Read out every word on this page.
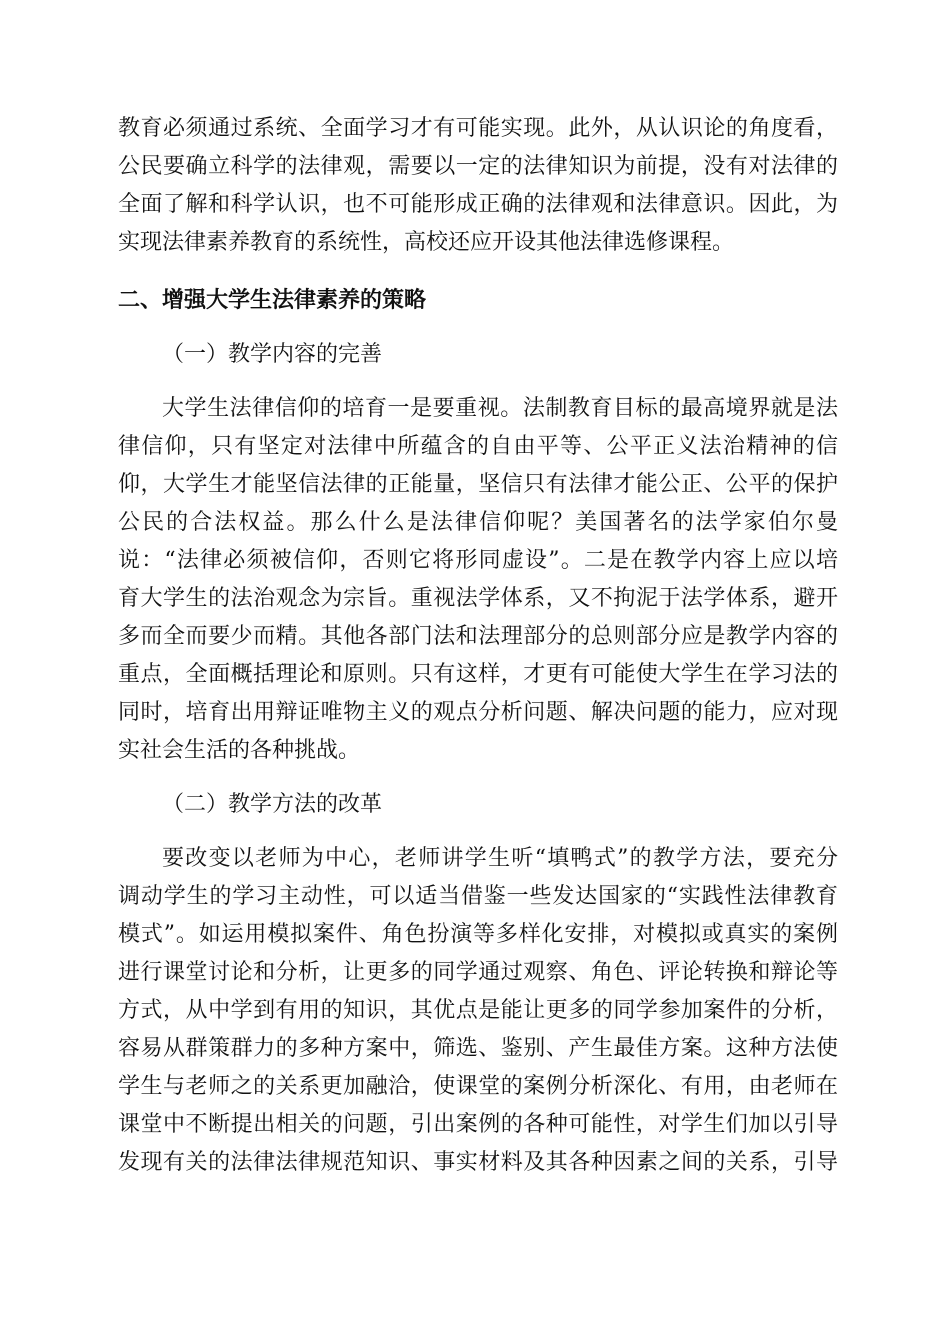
教育必须通过系统、全面学习才有可能实现。此外，从认识论的角度看，
公民要确立科学的法律观，需要以一定的法律知识为前提，没有对法律的
全面了解和科学认识，也不可能形成正确的法律观和法律意识。因此，为
实现法律素养教育的系统性，高校还应开设其他法律选修课程。
二、增强大学生法律素养的策略
（一）教学内容的完善
大学生法律信仰的培育一是要重视。法制教育目标的最高境界就是法
律信仰，只有坚定对法律中所蕴含的自由平等、公平正义法治精神的信
仰，大学生才能坚信法律的正能量，坚信只有法律才能公正、公平的保护
公民的合法权益。那么什么是法律信仰呢？美国著名的法学家伯尔曼
说：“法律必须被信仰，否则它将形同虚设”。二是在教学内容上应以培
育大学生的法治观念为宗旨。重视法学体系，又不拘泥于法学体系，避开
多而全而要少而精。其他各部门法和法理部分的总则部分应是教学内容的
重点，全面概括理论和原则。只有这样，才更有可能使大学生在学习法的
同时，培育出用辩证唯物主义的观点分析问题、解决问题的能力，应对现
实社会生活的各种挑战。
（二）教学方法的改革
要改变以老师为中心，老师讲学生听“填鸭式”的教学方法，要充分
调动学生的学习主动性，可以适当借鉴一些发达国家的“实践性法律教育
模式”。如运用模拟案件、角色扮演等多样化安排，对模拟或真实的案例
进行课堂讨论和分析，让更多的同学通过观察、角色、评论转换和辩论等
方式，从中学到有用的知识，其优点是能让更多的同学参加案件的分析，
容易从群策群力的多种方案中，筛选、鉴别、产生最佳方案。这种方法使
学生与老师之的关系更加融洽，使课堂的案例分析深化、有用，由老师在
课堂中不断提出相关的问题，引出案例的各种可能性，对学生们加以引导
发现有关的法律法律规范知识、事实材料及其各种因素之间的关系，引导
